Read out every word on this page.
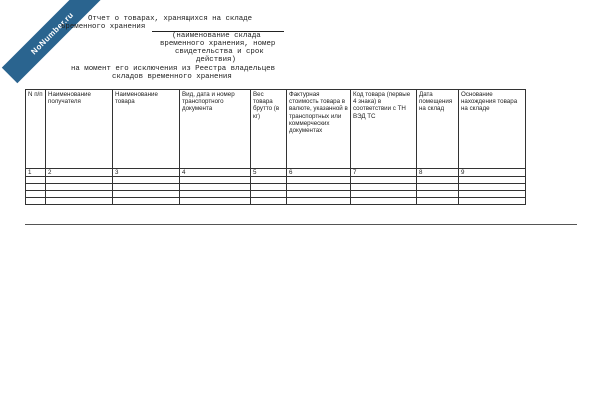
NoNumber.ru Отчет о товарах, хранящихся на складе
временного хранения
(наименование склада
временного хранения, номер
свидетельства и срок
действия)
на момент его исключения из Реестра владельцев
складов временного хранения
N п/п	Наименование получателя	Наименование товара	Вид, дата и номер транспортного документа	Вес товара брутто (в кг)	Фактурная стоимость товара в валюте, указанной в транспортных или коммерческих документах	Код товара (первые 4 знака) в соответствии с ТН ВЭД ТС	Дата помещения на склад	Основание нахождения товара на складе
1	2	3	4	5	6	7	8	9
